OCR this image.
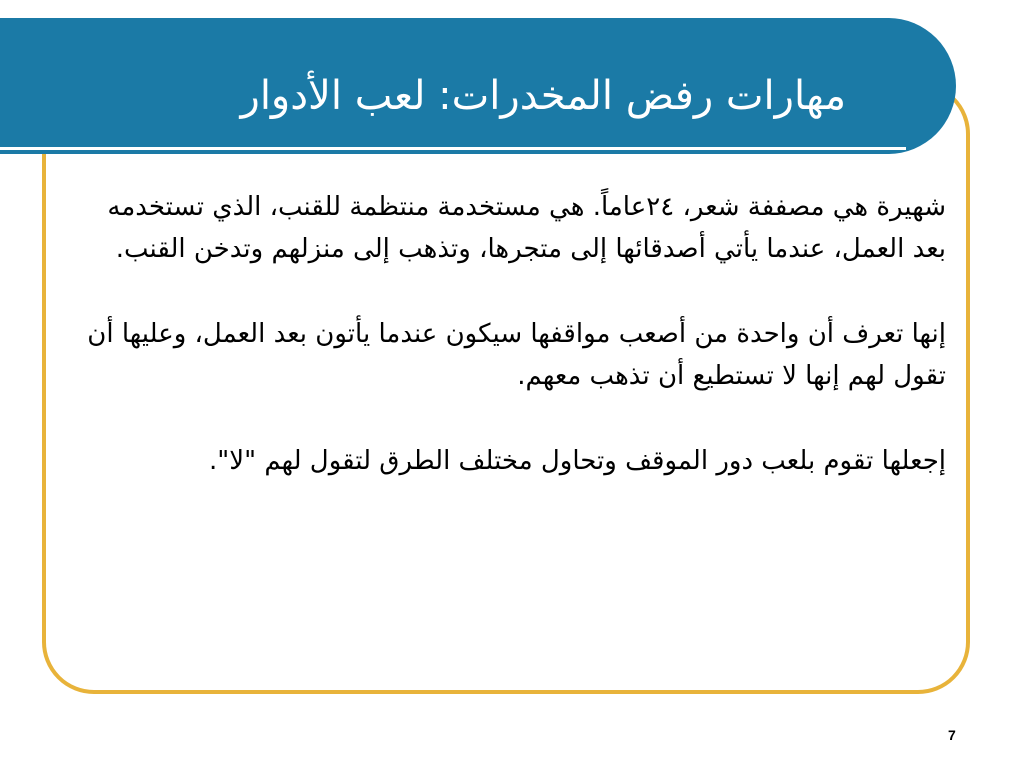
مهارات رفض المخدرات: لعب الأدوار

شهيرة هي مصففة شعر، ٢٤عاماً. هي مستخدمة منتظمة للقنب، الذي تستخدمه بعد العمل، عندما يأتي أصدقائها إلى متجرها، وتذهب إلى منزلهم وتدخن القنب.

إنها تعرف أن واحدة من أصعب مواقفها سيكون عندما يأتون بعد العمل، وعليها أن تقول لهم إنها لا تستطيع أن تذهب معهم.

إجعلها تقوم بلعب دور الموقف وتحاول مختلف الطرق لتقول لهم "لا".

7
